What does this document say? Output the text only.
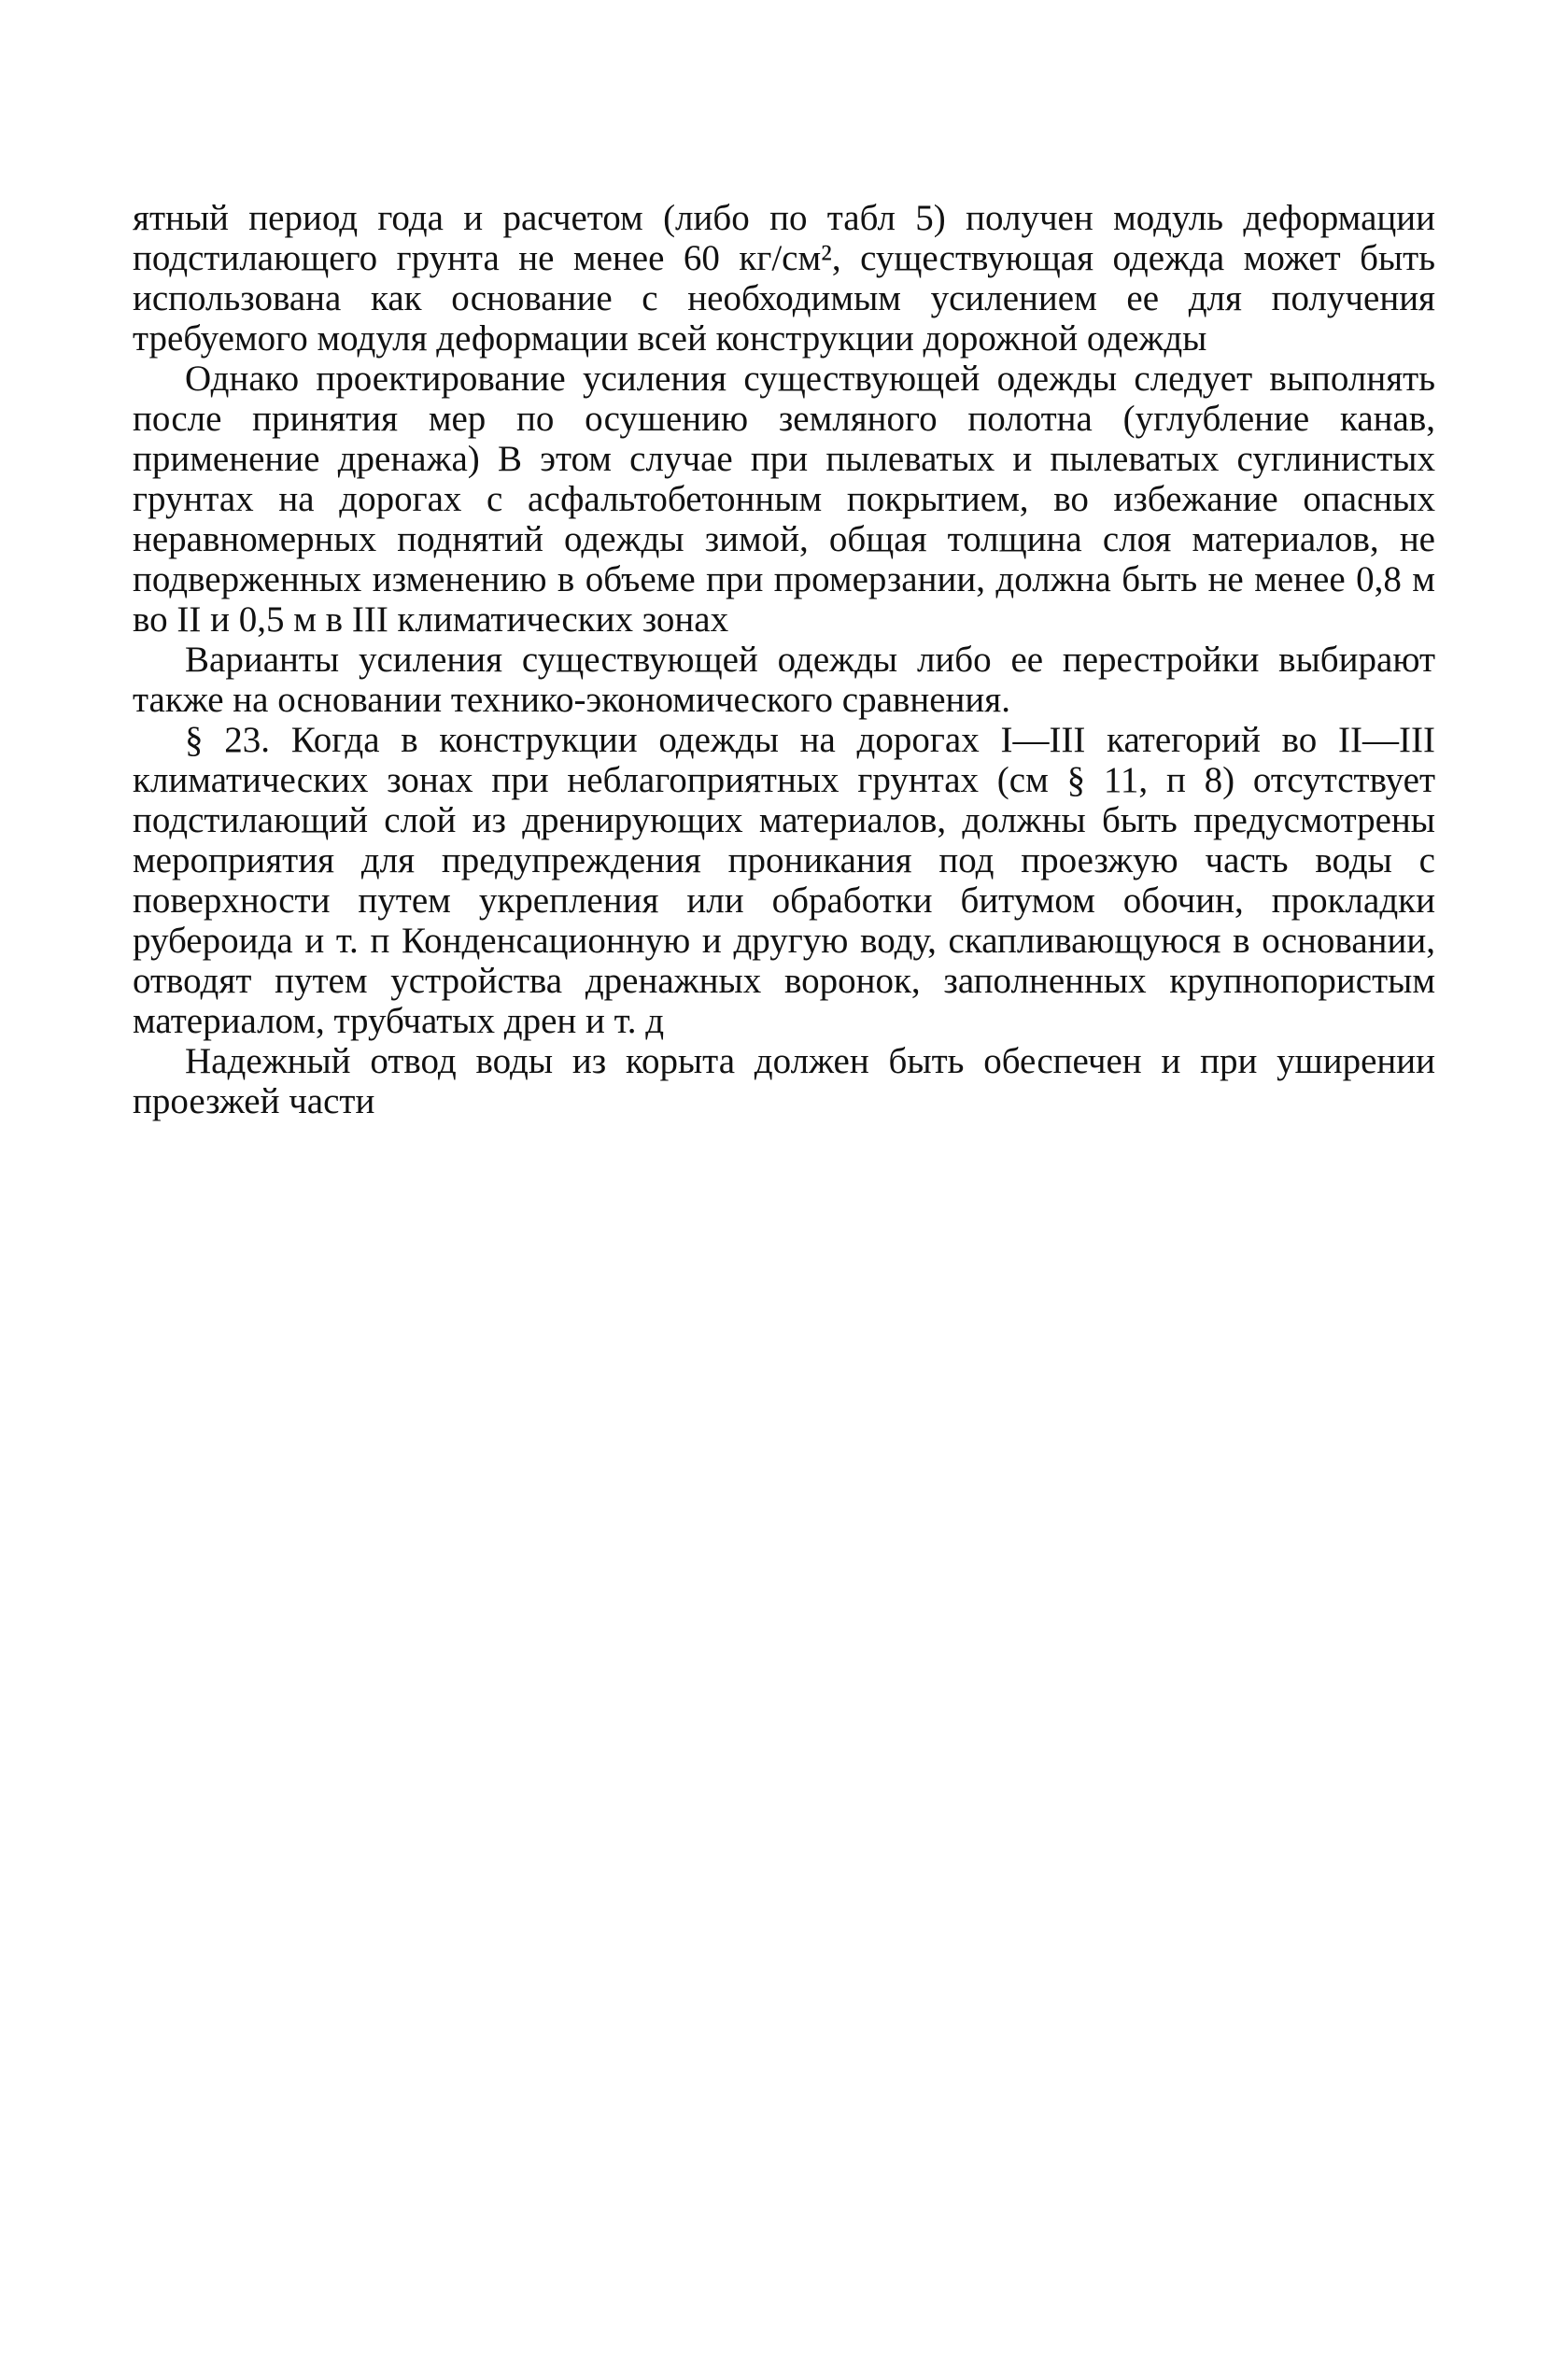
ятный период года и расчетом (либо по табл 5) получен модуль деформации подстилающего грунта не менее 60 кг/см², существующая одежда может быть использована как основание с необходимым усилением ее для получения требуемого модуля деформации всей конструкции дорожной одежды

Однако проектирование усиления существующей одежды следует выполнять после принятия мер по осушению земляного полотна (углубление канав, применение дренажа) В этом случае при пылеватых и пылеватых суглинистых грунтах на дорогах с асфальтобетонным покрытием, во избежание опасных неравномерных поднятий одежды зимой, общая толщина слоя материалов, не подверженных изменению в объеме при промерзании, должна быть не менее 0,8 м во II и 0,5 м в III климатических зонах

Варианты усиления существующей одежды либо ее перестройки выбирают также на основании технико-экономического сравнения.

§ 23. Когда в конструкции одежды на дорогах I—III категорий во II—III климатических зонах при неблагоприятных грунтах (см § 11, п 8) отсутствует подстилающий слой из дренирующих материалов, должны быть предусмотрены мероприятия для предупреждения проникания под проезжую часть воды с поверхности путем укрепления или обработки битумом обочин, прокладки рубероида и т. п Конденсационную и другую воду, скапливающуюся в основании, отводят путем устройства дренажных воронок, заполненных крупнопористым материалом, трубчатых дрен и т. д

Надежный отвод воды из корыта должен быть обеспечен и при уширении проезжей части
